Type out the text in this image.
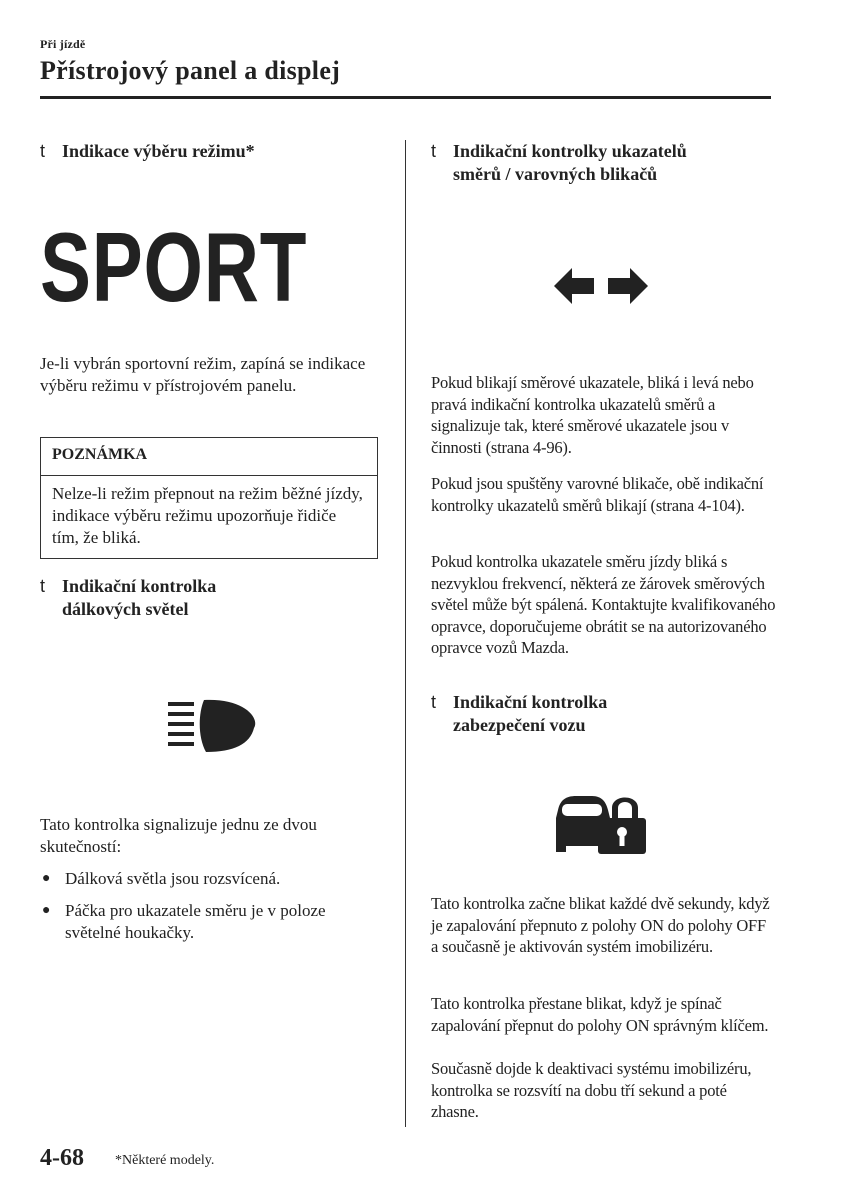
Při jízdě
Přístrojový panel a displej
t Indikace výběru režimu*
SPORT

Je-li vybrán sportovní režim, zapíná se indikace výběru režimu v přístrojovém panelu.

POZNÁMKA
Nelze-li režim přepnout na režim běžné jízdy, indikace výběru režimu upozorňuje řidiče tím, že bliká.
t Indikační kontrolka
dálkových světel

Tato kontrolka signalizuje jednu ze dvou skutečností:

● Dálková světla jsou rozsvícená.
● Páčka pro ukazatele směru je v poloze světelné houkačky.
t Indikační kontrolky ukazatelů
směrů / varovných blikačů

Pokud blikají směrové ukazatele, bliká i levá nebo pravá indikační kontrolka ukazatelů směrů a signalizuje tak, které směrové ukazatele jsou v činnosti (strana 4-96).

Pokud jsou spuštěny varovné blikače, obě indikační kontrolky ukazatelů směrů blikají (strana 4-104).

Pokud kontrolka ukazatele směru jízdy bliká s nezvyklou frekvencí, některá ze žárovek směrových světel může být spálená. Kontaktujte kvalifikovaného opravce, doporučujeme obrátit se na autorizovaného opravce vozů Mazda.

t Indikační kontrolka
zabezpečení vozu

Tato kontrolka začne blikat každé dvě sekundy, když je zapalování přepnuto z polohy ON do polohy OFF a současně je aktivován systém imobilizéru.

Tato kontrolka přestane blikat, když je spínač zapalování přepnut do polohy ON správným klíčem.

Současně dojde k deaktivaci systému imobilizéru, kontrolka se rozsvítí na dobu tří sekund a poté zhasne.

4-68 *Některé modely.
